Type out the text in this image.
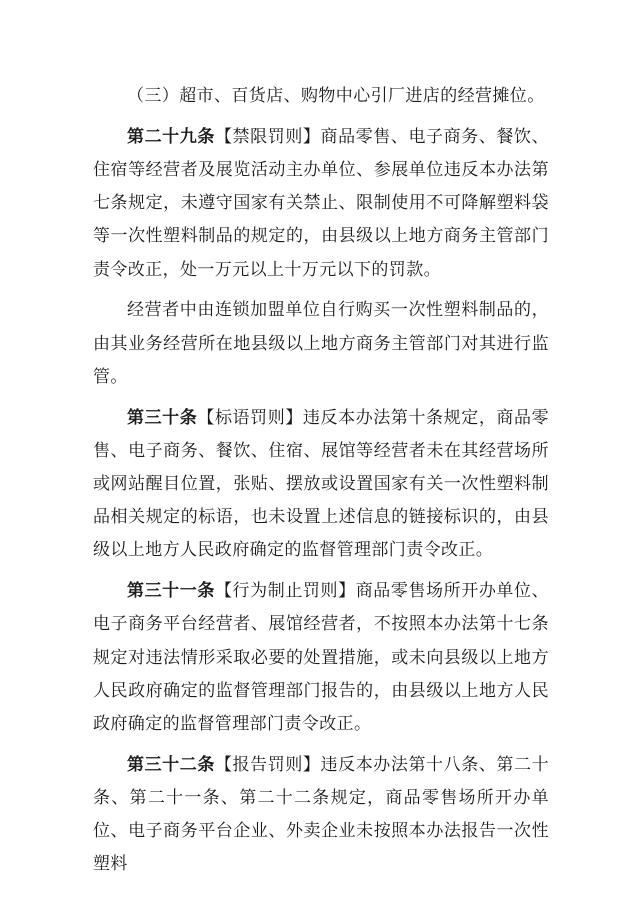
（三）超市、百货店、购物中心引厂进店的经营摊位。

第二十九条【禁限罚则】商品零售、电子商务、餐饮、住宿等经营者及展览活动主办单位、参展单位违反本办法第七条规定，未遵守国家有关禁止、限制使用不可降解塑料袋等一次性塑料制品的规定的，由县级以上地方商务主管部门责令改正，处一万元以上十万元以下的罚款。

经营者中由连锁加盟单位自行购买一次性塑料制品的，由其业务经营所在地县级以上地方商务主管部门对其进行监管。

第三十条【标语罚则】违反本办法第十条规定，商品零售、电子商务、餐饮、住宿、展馆等经营者未在其经营场所或网站醒目位置，张贴、摆放或设置国家有关一次性塑料制品相关规定的标语，也未设置上述信息的链接标识的，由县级以上地方人民政府确定的监督管理部门责令改正。

第三十一条【行为制止罚则】商品零售场所开办单位、电子商务平台经营者、展馆经营者，不按照本办法第十七条规定对违法情形采取必要的处置措施，或未向县级以上地方人民政府确定的监督管理部门报告的，由县级以上地方人民政府确定的监督管理部门责令改正。

第三十二条【报告罚则】违反本办法第十八条、第二十条、第二十一条、第二十二条规定，商品零售场所开办单位、电子商务平台企业、外卖企业未按照本办法报告一次性塑料
